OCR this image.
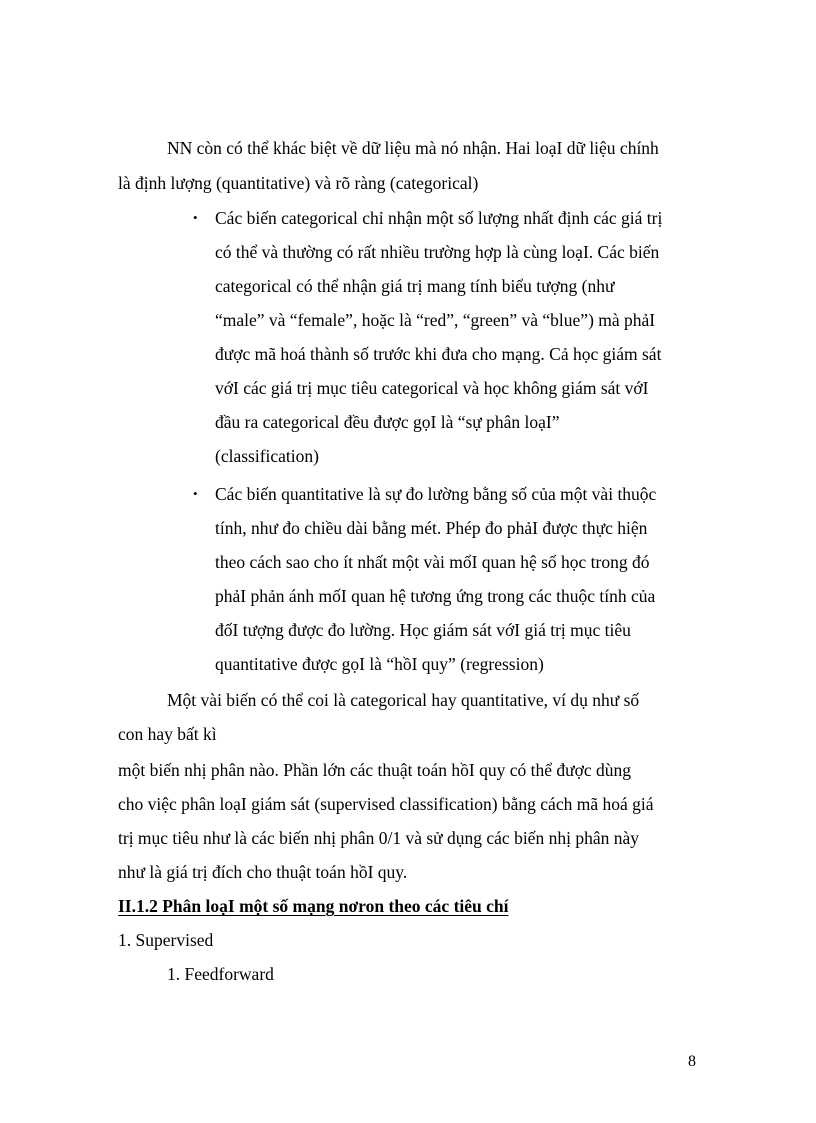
NN còn có thể khác biệt về dữ liệu mà nó nhận. Hai loạI dữ liệu chính
là định lượng (quantitative) và rõ ràng (categorical)
• Các biến categorical chỉ nhận một số lượng nhất định các giá trị
có thể và thường có rất nhiều trường hợp là cùng loạI. Các biến
categorical có thể nhận giá trị mang tính biểu tượng (như
“male” và “female”, hoặc là “red”, “green” và “blue”) mà phảI
được mã hoá thành số trước khi đưa cho mạng. Cả học giám sát
vớI các giá trị mục tiêu categorical và học không giám sát vớI
đầu ra categorical đều được gọI là “sự phân loạI”
(classification)
• Các biến quantitative là sự đo lường bằng số của một vài thuộc
tính, như đo chiều dài bằng mét. Phép đo phảI được thực hiện
theo cách sao cho ít nhất một vài mốI quan hệ số học trong đó
phảI phản ánh mốI quan hệ tương ứng trong các thuộc tính của
đốI tượng được đo lường. Học giám sát vớI giá trị mục tiêu
quantitative được gọI là “hồI quy” (regression)
Một vài biến có thể coi là categorical hay quantitative, ví dụ như số
con hay bất kì
một biến nhị phân nào. Phần lớn các thuật toán hồI quy có thể được dùng
cho việc phân loạI giám sát (supervised classification) bằng cách mã hoá giá
trị mục tiêu như là các biến nhị phân 0/1 và sử dụng các biến nhị phân này
như là giá trị đích cho thuật toán hồI quy.
II.1.2 Phân loạI một số mạng nơron theo các tiêu chí
1. Supervised
1. Feedforward
8
